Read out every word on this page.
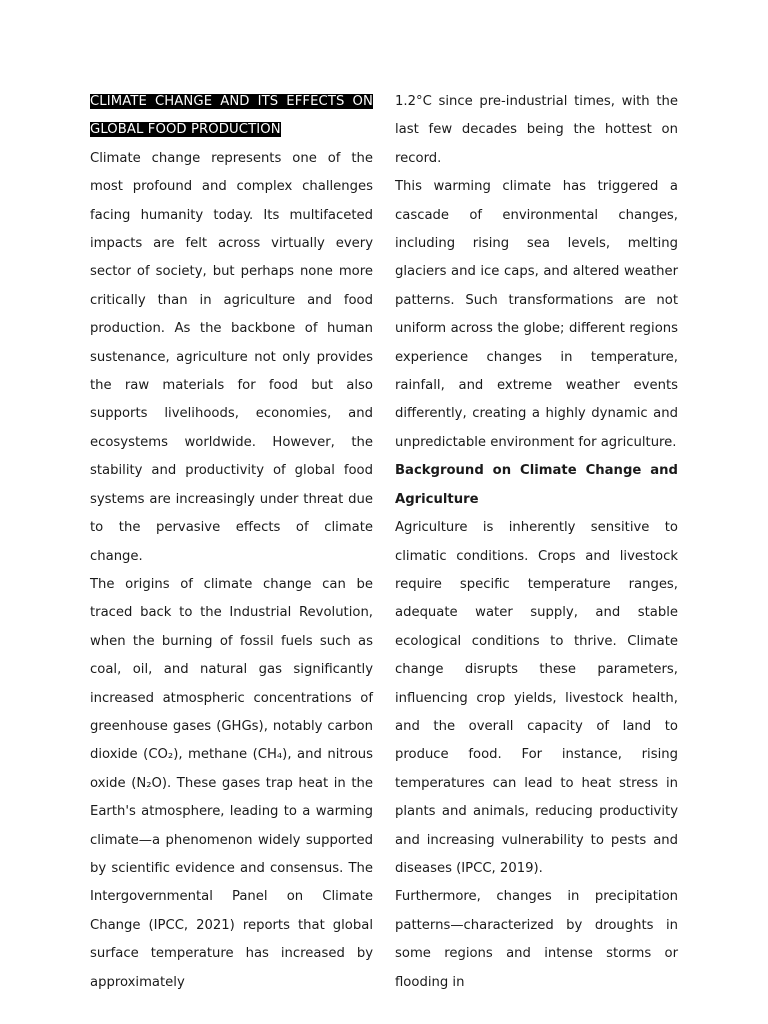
CLIMATE CHANGE AND ITS EFFECTS ON GLOBAL FOOD PRODUCTION

Climate change represents one of the most profound and complex challenges facing humanity today. Its multifaceted impacts are felt across virtually every sector of society, but perhaps none more critically than in agriculture and food production. As the backbone of human sustenance, agriculture not only provides the raw materials for food but also supports livelihoods, economies, and ecosystems worldwide. However, the stability and productivity of global food systems are increasingly under threat due to the pervasive effects of climate change.

The origins of climate change can be traced back to the Industrial Revolution, when the burning of fossil fuels such as coal, oil, and natural gas significantly increased atmospheric concentrations of greenhouse gases (GHGs), notably carbon dioxide (CO₂), methane (CH₄), and nitrous oxide (N₂O). These gases trap heat in the Earth's atmosphere, leading to a warming climate—a phenomenon widely supported by scientific evidence and consensus. The Intergovernmental Panel on Climate Change (IPCC, 2021) reports that global surface temperature has increased by approximately

1.2°C since pre-industrial times, with the last few decades being the hottest on record.

This warming climate has triggered a cascade of environmental changes, including rising sea levels, melting glaciers and ice caps, and altered weather patterns. Such transformations are not uniform across the globe; different regions experience changes in temperature, rainfall, and extreme weather events differently, creating a highly dynamic and unpredictable environment for agriculture.

Background on Climate Change and Agriculture

Agriculture is inherently sensitive to climatic conditions. Crops and livestock require specific temperature ranges, adequate water supply, and stable ecological conditions to thrive. Climate change disrupts these parameters, influencing crop yields, livestock health, and the overall capacity of land to produce food. For instance, rising temperatures can lead to heat stress in plants and animals, reducing productivity and increasing vulnerability to pests and diseases (IPCC, 2019).

Furthermore, changes in precipitation patterns—characterized by droughts in some regions and intense storms or flooding in
